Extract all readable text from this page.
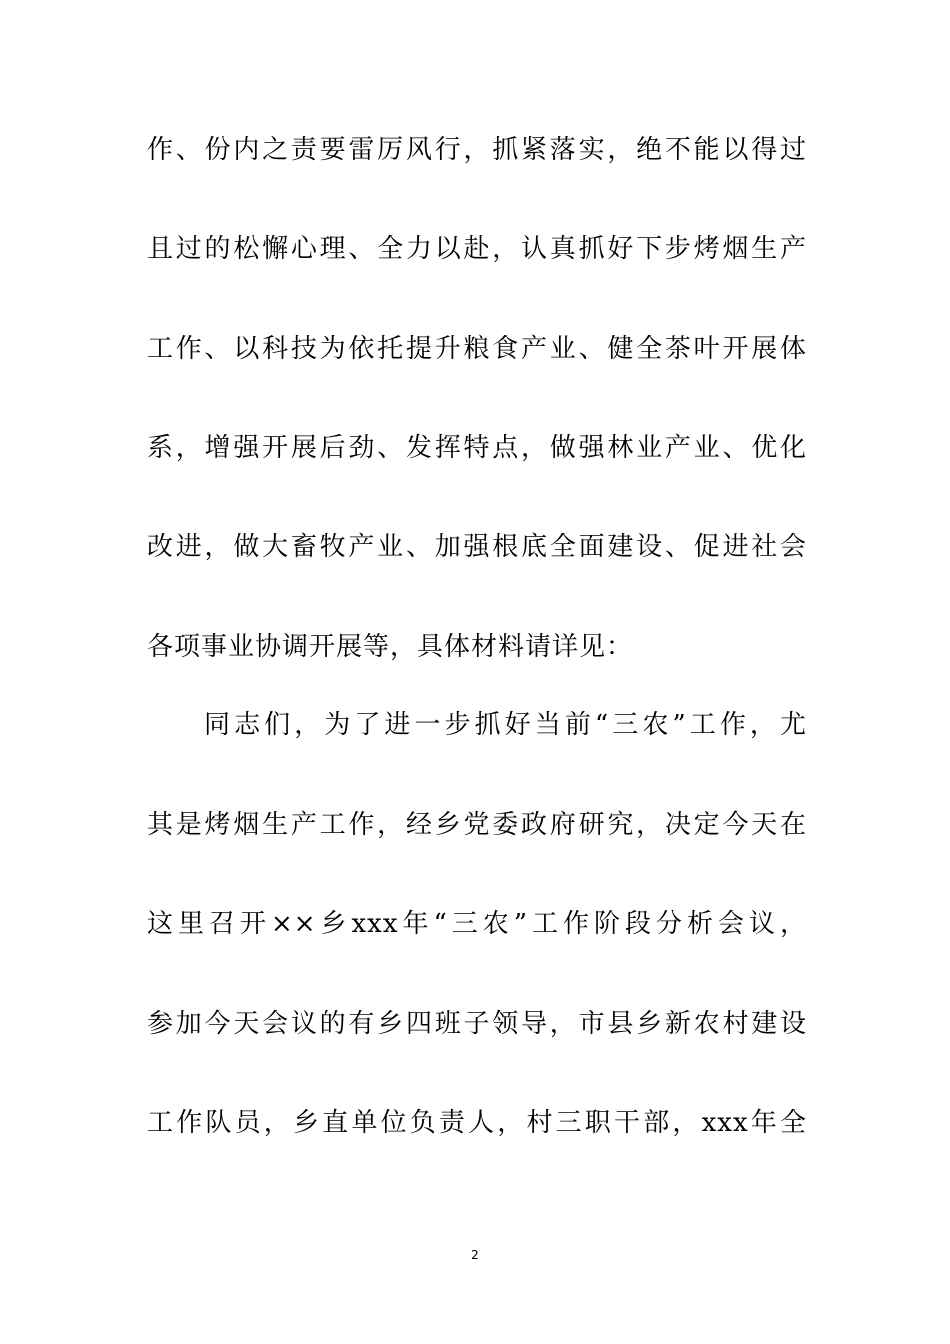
作、份内之责要雷厉风行，抓紧落实，绝不能以得过
且过的松懈心理、全力以赴，认真抓好下步烤烟生产
工作、以科技为依托提升粮食产业、健全茶叶开展体
系，增强开展后劲、发挥特点，做强林业产业、优化
改进，做大畜牧产业、加强根底全面建设、促进社会
各项事业协调开展等，具体材料请详见：
同志们，为了进一步抓好当前“三农”工作，尤
其是烤烟生产工作，经乡党委政府研究，决定今天在
这里召开××乡xxx年“三农”工作阶段分析会议，
参加今天会议的有乡四班子领导，市县乡新农村建设
工作队员，乡直单位负责人，村三职干部，xxx年全
2
